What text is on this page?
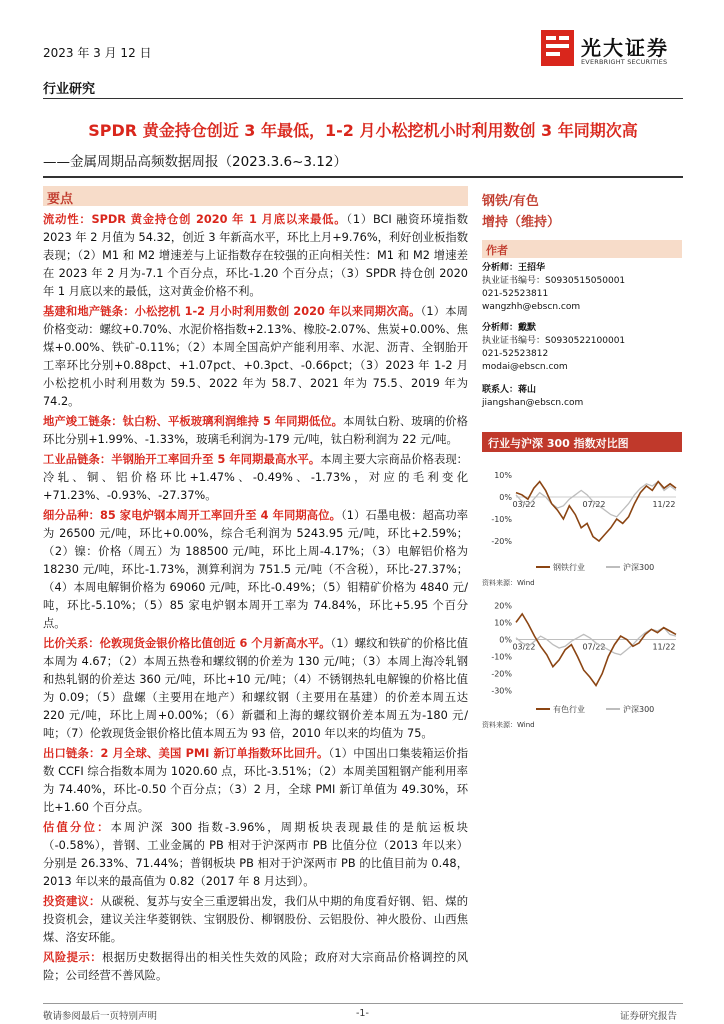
2023 年 3 月 12 日	光大证券
EVERBRIGHT SECURITIES
行业研究
SPDR 黄金持仓创近 3 年最低，1-2 月小松挖机小时利用数创 3 年同期次高
——金属周期品高频数据周报（2023.3.6~3.12）
要点

流动性：SPDR 黄金持仓创 2020 年 1 月底以来最低。（1）BCI 融资环境指数 2023 年 2 月值为 54.32，创近 3 年新高水平，环比上月+9.76%，利好创业板指数表现；（2）M1 和 M2 增速差与上证指数存在较强的正向相关性：M1 和 M2 增速差在 2023 年 2 月为-7.1 个百分点，环比-1.20 个百分点；（3）SPDR 持仓创 2020 年 1 月底以来的最低，这对黄金价格不利。

基建和地产链条：小松挖机 1-2 月小时利用数创 2020 年以来同期次高。（1）本周价格变动：螺纹+0.70%、水泥价格指数+2.13%、橡胶-2.07%、焦炭+0.00%、焦煤+0.00%、铁矿-0.11%；（2）本周全国高炉产能利用率、水泥、沥青、全钢胎开工率环比分别+0.88pct、+1.07pct、+0.3pct、-0.66pct；（3）2023 年 1-2 月小松挖机小时利用数为 59.5、2022 年为 58.7、2021 年为 75.5、2019 年为 74.2。

地产竣工链条：钛白粉、平板玻璃利润维持 5 年同期低位。本周钛白粉、玻璃的价格环比分别+1.99%、-1.33%，玻璃毛利润为-179 元/吨，钛白粉利润为 22 元/吨。

工业品链条：半钢胎开工率回升至 5 年同期最高水平。本周主要大宗商品价格表现：冷轧、铜、铝价格环比+1.47%、-0.49%、-1.73%，对应的毛利变化+71.23%、-0.93%、-27.37%。

细分品种：85 家电炉钢本周开工率回升至 4 年同期高位。（1）石墨电极：超高功率为 26500 元/吨，环比+0.00%，综合毛利润为 5243.95 元/吨，环比+2.59%；（2）镍：价格（周五）为 188500 元/吨，环比上周-4.17%；（3）电解铝价格为 18230 元/吨，环比-1.73%，测算利润为 751.5 元/吨（不含税），环比-27.37%；（4）本周电解铜价格为 69060 元/吨，环比-0.49%；（5）钼精矿价格为 4840 元/吨，环比-5.10%；（5）85 家电炉钢本周开工率为 74.84%，环比+5.95 个百分点。

比价关系：伦敦现货金银价格比值创近 6 个月新高水平。（1）螺纹和铁矿的价格比值本周为 4.67；（2）本周五热卷和螺纹钢的价差为 130 元/吨；（3）本周上海冷轧钢和热轧钢的价差达 360 元/吨，环比+10 元/吨；（4）不锈钢热轧电解镍的价格比值为 0.09；（5）盘螺（主要用在地产）和螺纹钢（主要用在基建）的价差本周五达 220 元/吨，环比上周+0.00%；（6）新疆和上海的螺纹钢价差本周五为-180 元/吨；（7）伦敦现货金银价格比值本周五为 93 倍，2010 年以来的均值为 75。

出口链条：2 月全球、美国 PMI 新订单指数环比回升。（1）中国出口集装箱运价指数 CCFI 综合指数本周为 1020.60 点，环比-3.51%；（2）本周美国粗钢产能利用率为 74.40%，环比-0.50 个百分点；（3）2 月，全球 PMI 新订单值为 49.30%，环比+1.60 个百分点。

估值分位：本周沪深 300 指数-3.96%，周期板块表现最佳的是航运板块（-0.58%），普钢、工业金属的 PB 相对于沪深两市 PB 比值分位（2013 年以来）分别是 26.33%、71.44%；普钢板块 PB 相对于沪深两市 PB 的比值目前为 0.48，2013 年以来的最高值为 0.82（2017 年 8 月达到）。

投资建议：从碳税、复苏与安全三重逻辑出发，我们从中期的角度看好钢、铝、煤的投资机会，建议关注华菱钢铁、宝钢股份、柳钢股份、云铝股份、神火股份、山西焦煤、洛安环能。

风险提示：根据历史数据得出的相关性失效的风险；政府对大宗商品价格调控的风险；公司经营不善风险。

钢铁/有色
增持（维持）
作者
分析师：王招华
执业证书编号：S0930515050001
021-52523811
wangzhh@ebscn.com
分析师：戴默
执业证书编号：S0930522100001
021-52523812
modai@ebscn.com
联系人：蒋山
jiangshan@ebscn.com
行业与沪深 300 指数对比图
10%
0%
-10%
-20%
03/22	07/22	11/22
钢铁行业	沪深300
资料来源：Wind
20%
10%
0%
-10%
-20%
-30%
03/22	07/22	11/22
有色行业	沪深300
资料来源：Wind
敬请参阅最后一页特别声明	-1-	证券研究报告
